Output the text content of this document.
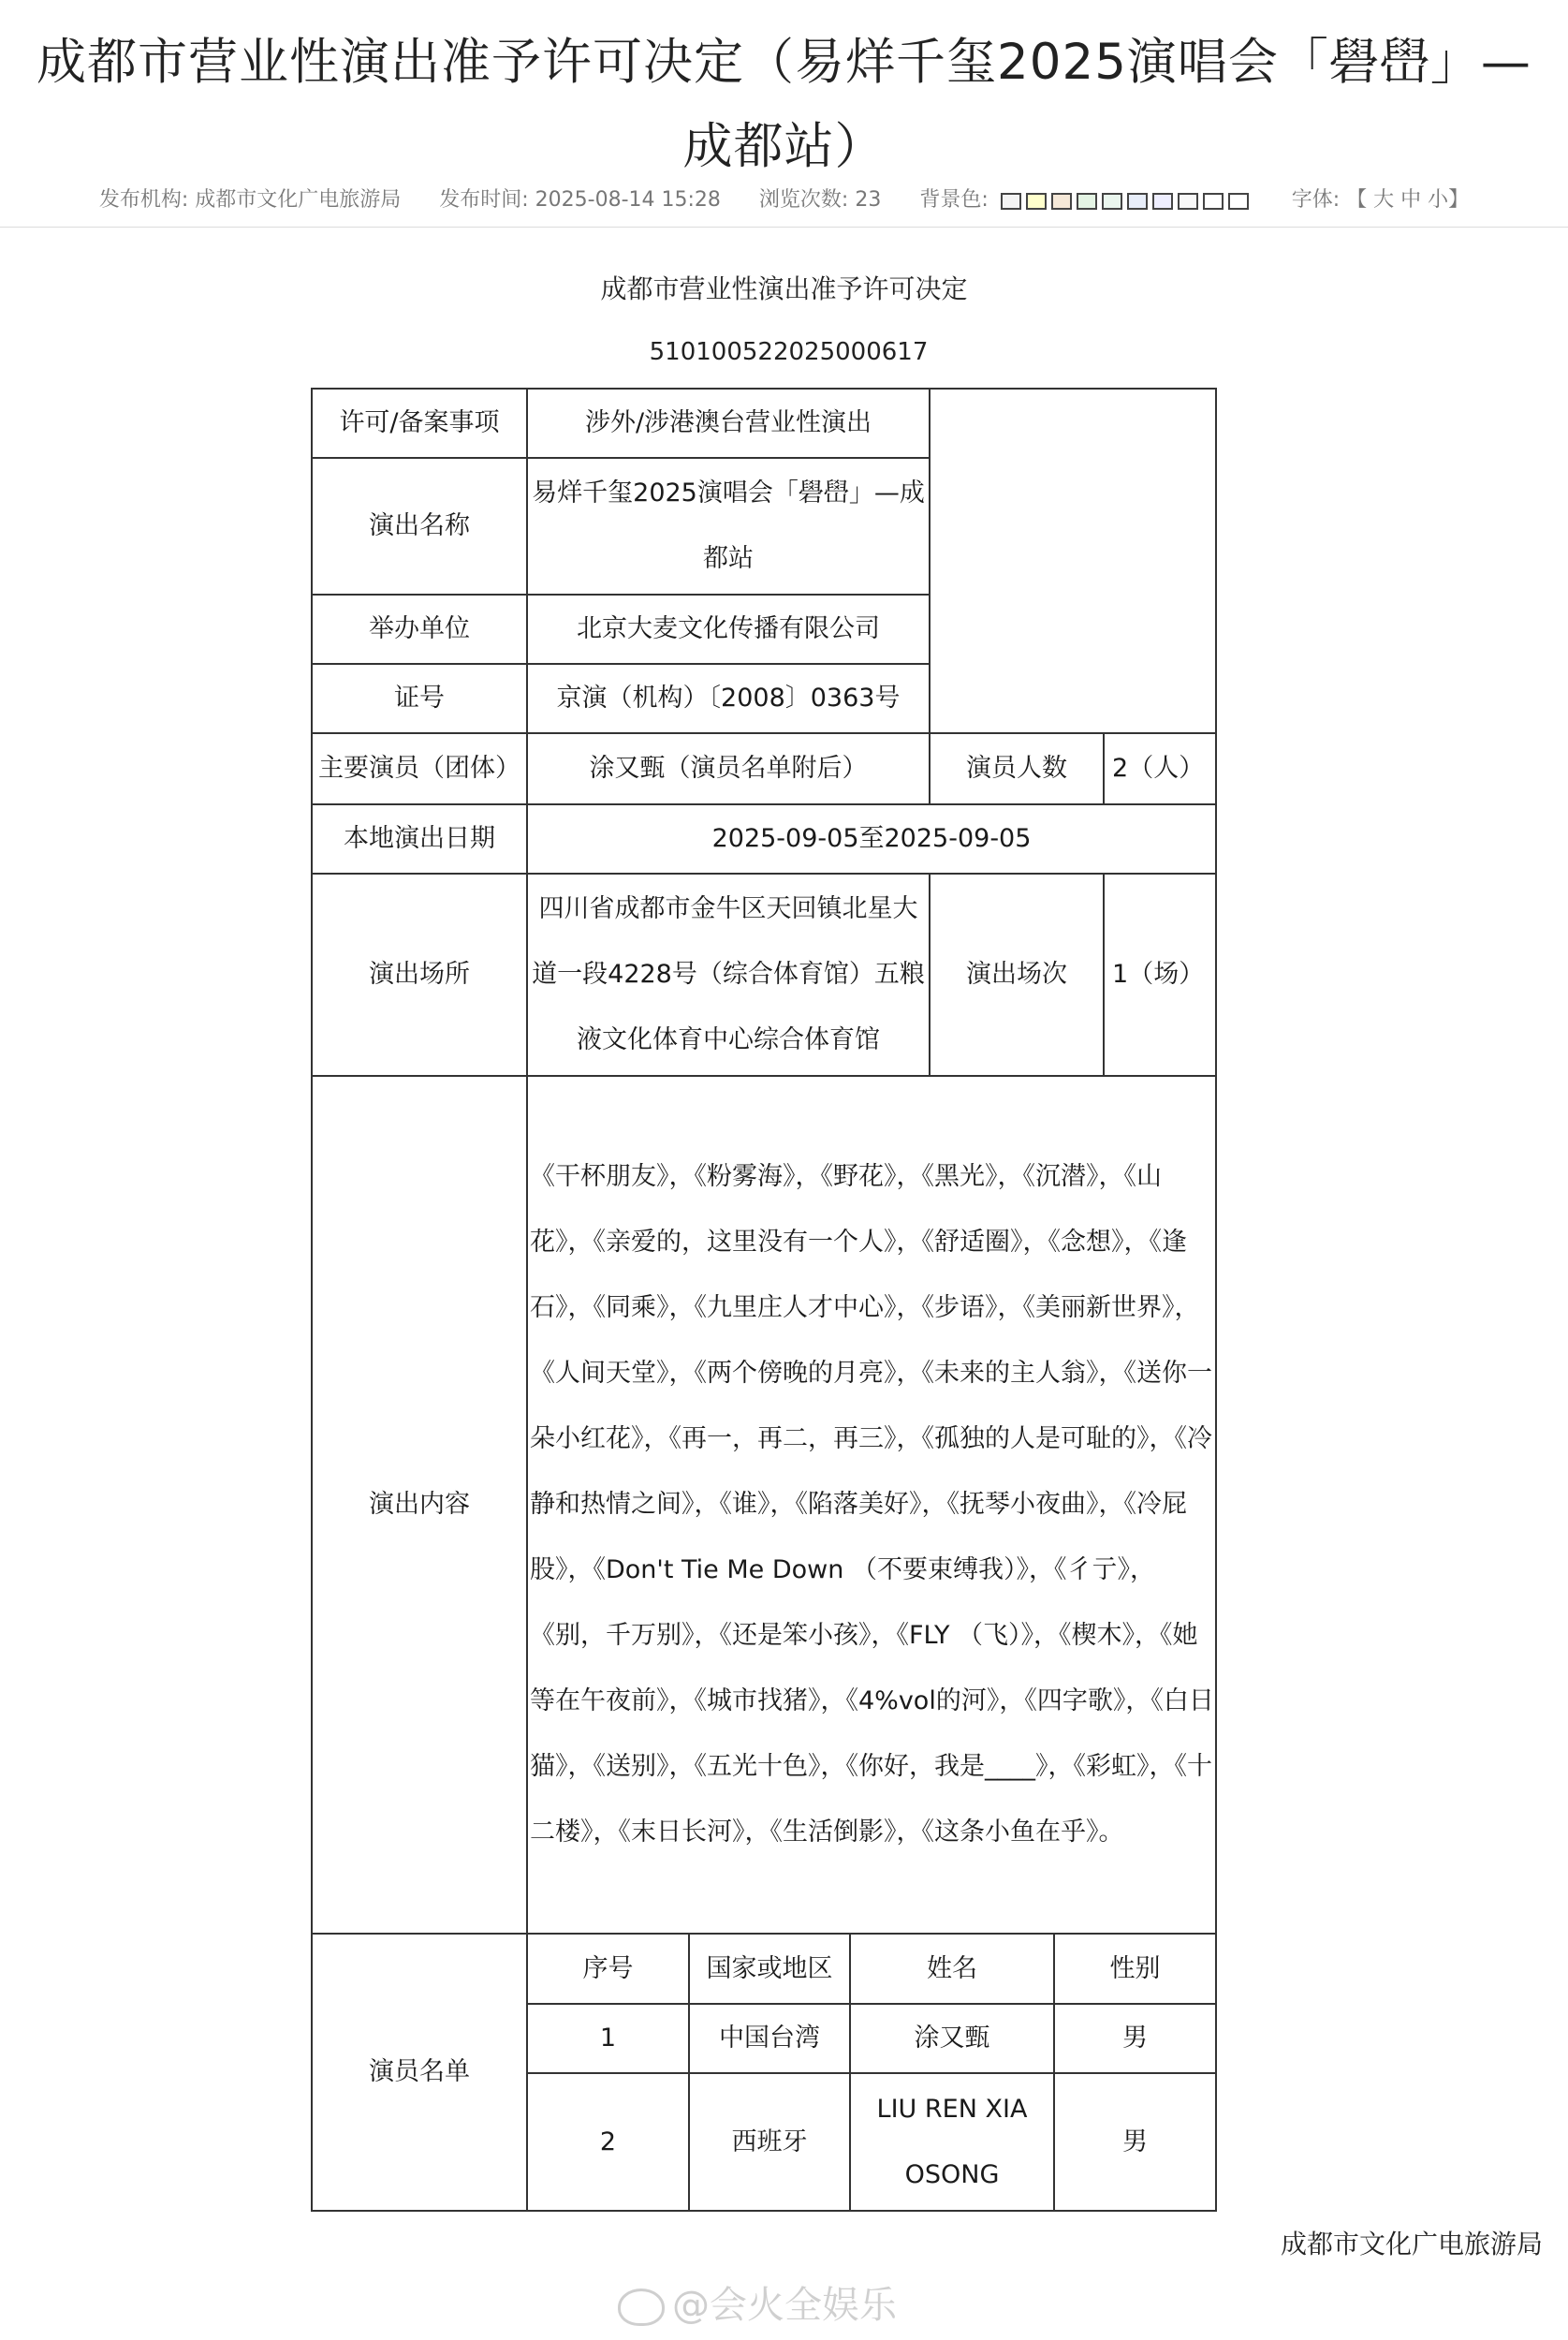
成都市营业性演出准予许可决定（易烊千玺2025演唱会「礐嶨」—
成都站）
发布机构: 成都市文化广电旅游局 发布时间: 2025-08-14 15:28 浏览次数: 23 背景色:	字体: 【 大 中 小】
成都市营业性演出准予许可决定
510100522025000617
许可/备案事项	涉外/涉港澳台营业性演出	
演出名称	易烊千玺2025演唱会「礐嶨」—成都站
举办单位	北京大麦文化传播有限公司
证号	京演（机构）〔2008〕0363号
主要演员（团体）	涂又甄（演员名单附后）	演员人数	2（人）
本地演出日期	2025-09-05至2025-09-05
演出场所	四川省成都市金牛区天回镇北星大道一段4228号（综合体育馆）五粮液文化体育中心综合体育馆	演出场次	1（场）
演出内容	《干杯朋友》，《粉雾海》，《野花》，《黑光》，《沉潜》，《山花》，《亲爱的，这里没有一个人》，《舒适圈》，《念想》，《逢石》，《同乘》，《九里庄人才中心》，《步语》，《美丽新世界》，《人间天堂》，《两个傍晚的月亮》，《未来的主人翁》，《送你一朵小红花》，《再一，再二，再三》，《孤独的人是可耻的》，《冷静和热情之间》，《谁》，《陷落美好》，《抚琴小夜曲》，《冷屁股》，《Don't Tie Me Down （不要束缚我）》，《彳亍》，《别，千万别》，《还是笨小孩》，《FLY （飞）》，《楔木》，《她等在午夜前》，《城市找猪》，《4%vol的河》，《四字歌》，《白日猫》，《送别》，《五光十色》，《你好，我是____》，《彩虹》，《十二楼》，《末日长河》，《生活倒影》，《这条小鱼在乎》。
演员名单	
序号	国家或地区	姓名	性别
1	中国台湾	涂又甄	男
2	西班牙	LIU REN XIAOSONG	男
成都市文化广电旅游局
@会火全娱乐
